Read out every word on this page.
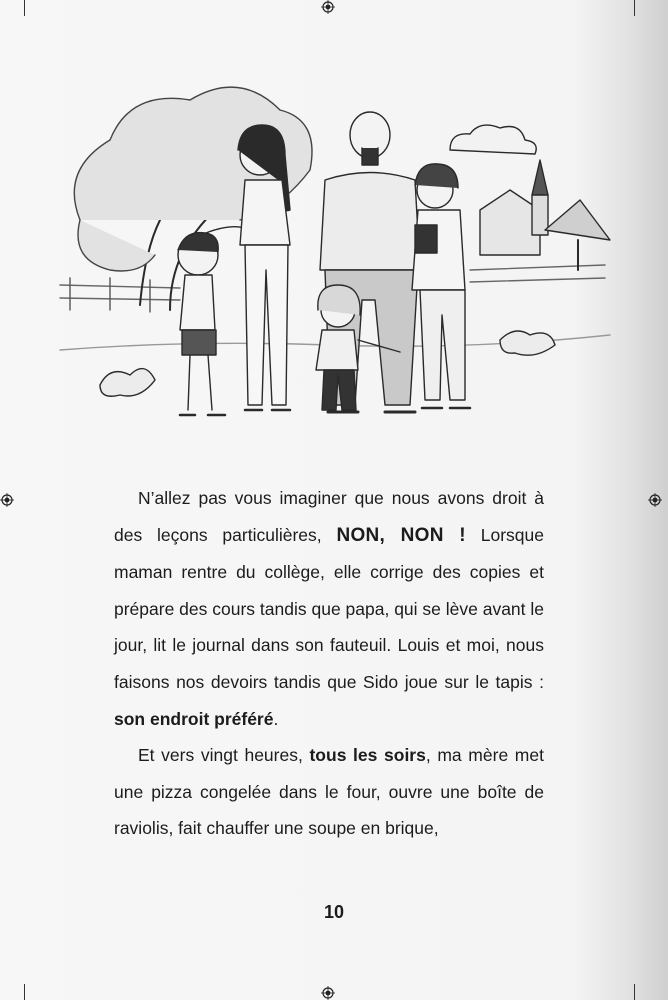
N’allez pas vous imaginer que nous avons droit à des leçons particulières, NON, NON ! Lorsque maman rentre du collège, elle corrige des copies et prépare des cours tandis que papa, qui se lève avant le jour, lit le journal dans son fauteuil. Louis et moi, nous faisons nos devoirs tandis que Sido joue sur le tapis : son endroit préféré.

Et vers vingt heures, tous les soirs, ma mère met une pizza congelée dans le four, ouvre une boîte de raviolis, fait chauffer une soupe en brique,

10
